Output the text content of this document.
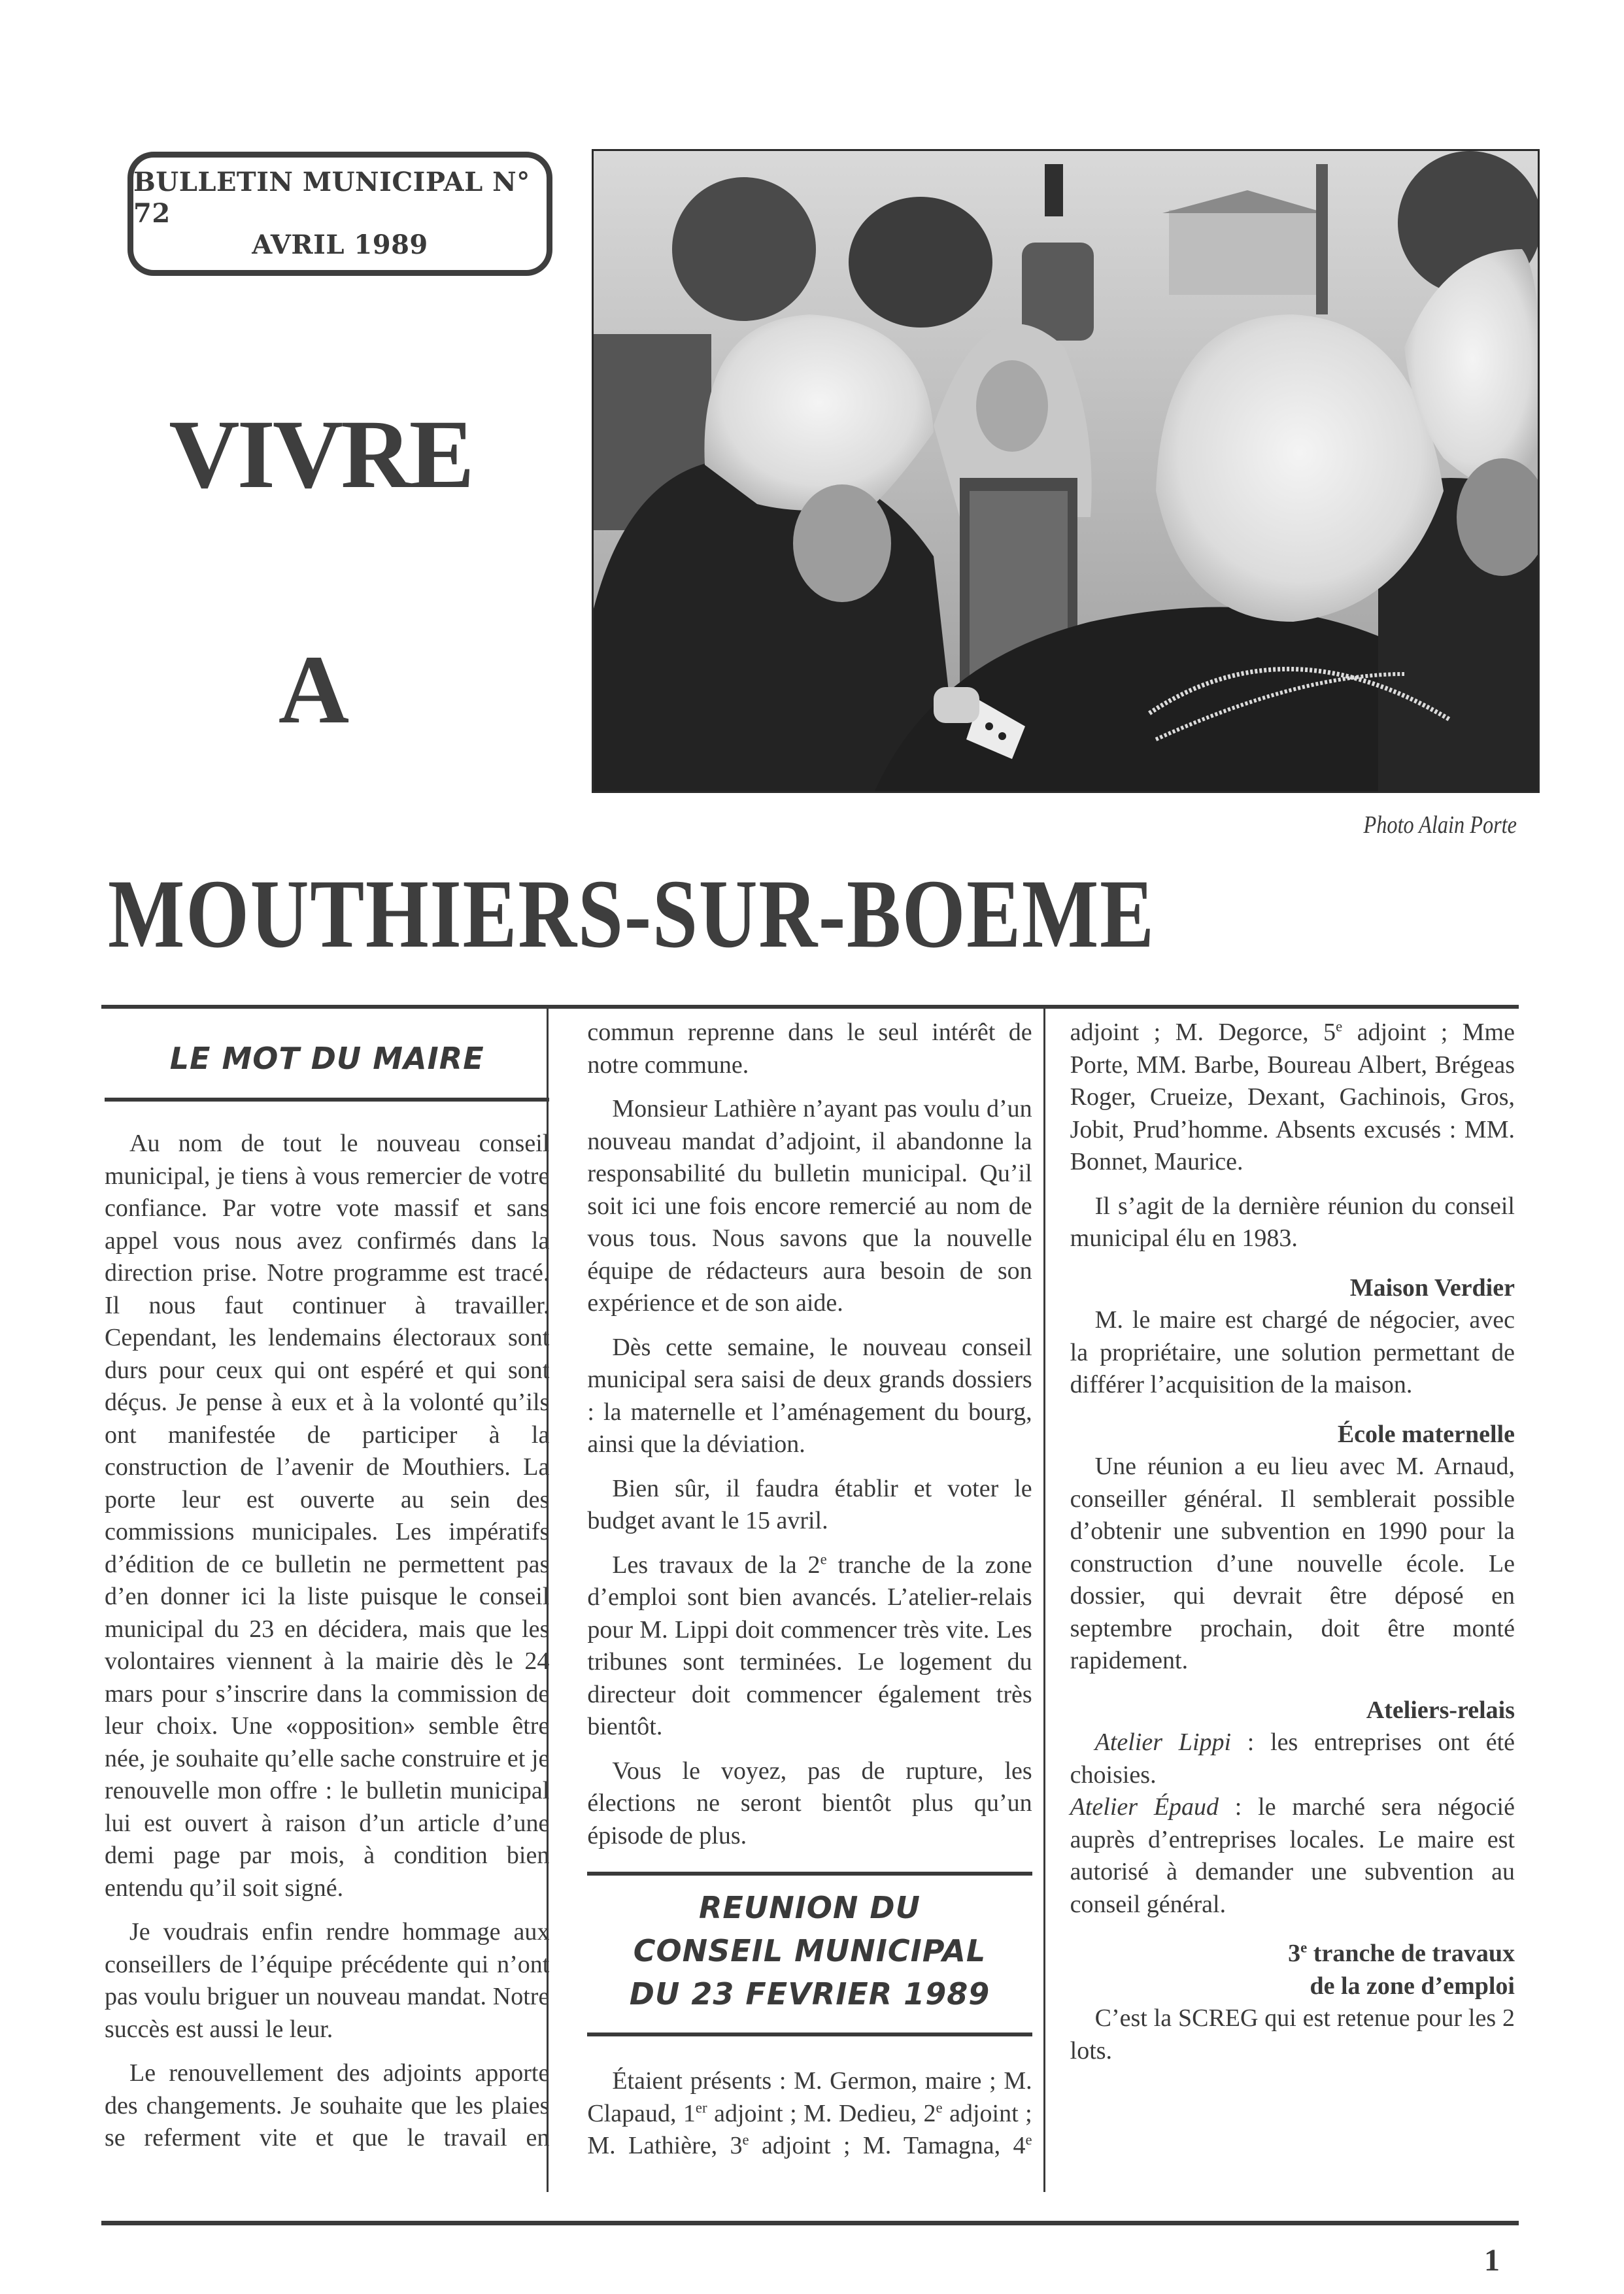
BULLETIN MUNICIPAL N° 72
AVRIL 1989
VIVRE
A
MOUTHIERS-SUR-BOEME
Photo Alain Porte
LE MOT DU MAIRE

Au nom de tout le nouveau conseil municipal, je tiens à vous remercier de votre confiance. Par votre vote massif et sans appel vous nous avez confirmés dans la direction prise. Notre programme est tracé. Il nous faut continuer à travailler. Cependant, les lendemains électoraux sont durs pour ceux qui ont espéré et qui sont déçus. Je pense à eux et à la volonté qu’ils ont manifestée de participer à la construction de l’avenir de Mouthiers. La porte leur est ouverte au sein des commissions municipales. Les impératifs d’édition de ce bulletin ne permettent pas d’en donner ici la liste puisque le conseil municipal du 23 en décidera, mais que les volontaires viennent à la mairie dès le 24 mars pour s’inscrire dans la commission de leur choix. Une «opposition» semble être née, je souhaite qu’elle sache construire et je renouvelle mon offre : le bulletin municipal lui est ouvert à raison d’un article d’une demi page par mois, à condition bien entendu qu’il soit signé.

Je voudrais enfin rendre hommage aux conseillers de l’équipe précédente qui n’ont pas voulu briguer un nouveau mandat. Notre succès est aussi le leur.

Le renouvellement des adjoints apporte des changements. Je souhaite que les plaies se referment vite et que le travail en commun reprenne dans le seul intérêt de notre commune.

Monsieur Lathière n’ayant pas voulu d’un nouveau mandat d’adjoint, il abandonne la responsabilité du bulletin municipal. Qu’il soit ici une fois encore remercié au nom de vous tous. Nous savons que la nouvelle équipe de rédacteurs aura besoin de son expérience et de son aide.

Dès cette semaine, le nouveau conseil municipal sera saisi de deux grands dossiers : la maternelle et l’aménagement du bourg, ainsi que la déviation.

Bien sûr, il faudra établir et voter le budget avant le 15 avril.

Les travaux de la 2e tranche de la zone d’emploi sont bien avancés. L’atelier-relais pour M. Lippi doit commencer très vite. Les tribunes sont terminées. Le logement du directeur doit commencer également très bientôt.

Vous le voyez, pas de rupture, les élections ne seront bientôt plus qu’un épisode de plus.

REUNION DU
CONSEIL MUNICIPAL
DU 23 FEVRIER 1989

Étaient présents : M. Germon, maire ; M. Clapaud, 1er adjoint ; M. Dedieu, 2e adjoint ; M. Lathière, 3e adjoint ; M. Tamagna, 4e adjoint ; M. Degorce, 5e adjoint ; Mme Porte, MM. Barbe, Boureau Albert, Brégeas Roger, Crueize, Dexant, Gachinois, Gros, Jobit, Prud’homme. Absents excusés : MM. Bonnet, Maurice.

Il s’agit de la dernière réunion du conseil municipal élu en 1983.

Maison Verdier

M. le maire est chargé de négocier, avec la propriétaire, une solution permettant de différer l’acquisition de la maison.

École maternelle

Une réunion a eu lieu avec M. Arnaud, conseiller général. Il semblerait possible d’obtenir une subvention en 1990 pour la construction d’une nouvelle école. Le dossier, qui devrait être déposé en septembre prochain, doit être monté rapidement.

Ateliers-relais

Atelier Lippi : les entreprises ont été choisies.

Atelier Épaud : le marché sera négocié auprès d’entreprises locales. Le maire est autorisé à demander une subvention au conseil général.

3e tranche de travaux
de la zone d’emploi

C’est la SCREG qui est retenue pour les 2 lots.

1
